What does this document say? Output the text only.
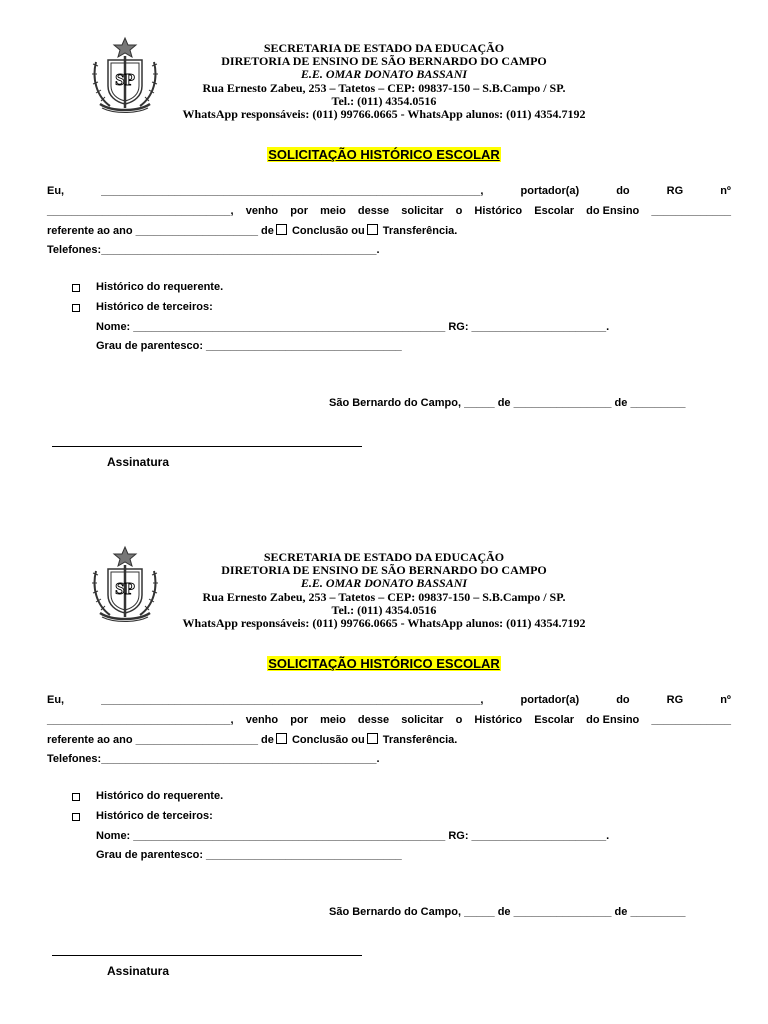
SP
SECRETARIA DE ESTADO DA EDUCAÇÃO
DIRETORIA DE ENSINO DE SÃO BERNARDO DO CAMPO
E.E. OMAR DONATO BASSANI
Rua Ernesto Zabeu, 253 – Tatetos – CEP: 09837-150 – S.B.Campo / SP.
Tel.: (011) 4354.0516
WhatsApp responsáveis: (011) 99766.0665 - WhatsApp alunos: (011) 4354.7192
SOLICITAÇÃO HISTÓRICO ESCOLAR
Eu,	______________________________________________________________,	portador(a)	do	RG	nº
______________________________, venho por meio desse solicitar o Histórico Escolar do Ensino _____________
referente ao ano ____________________ de Conclusão ou Transferência.
Telefones:_____________________________________________.
Histórico do requerente.
Histórico de terceiros:
Nome: ___________________________________________________ RG: ______________________.
Grau de parentesco: ________________________________
São Bernardo do Campo, _____ de ________________ de _________
Assinatura
SP
SECRETARIA DE ESTADO DA EDUCAÇÃO
DIRETORIA DE ENSINO DE SÃO BERNARDO DO CAMPO
E.E. OMAR DONATO BASSANI
Rua Ernesto Zabeu, 253 – Tatetos – CEP: 09837-150 – S.B.Campo / SP.
Tel.: (011) 4354.0516
WhatsApp responsáveis: (011) 99766.0665 - WhatsApp alunos: (011) 4354.7192
SOLICITAÇÃO HISTÓRICO ESCOLAR
Eu,	______________________________________________________________,	portador(a)	do	RG	nº
______________________________, venho por meio desse solicitar o Histórico Escolar do Ensino _____________
referente ao ano ____________________ de Conclusão ou Transferência.
Telefones:_____________________________________________.
Histórico do requerente.
Histórico de terceiros:
Nome: ___________________________________________________ RG: ______________________.
Grau de parentesco: ________________________________
São Bernardo do Campo, _____ de ________________ de _________
Assinatura
